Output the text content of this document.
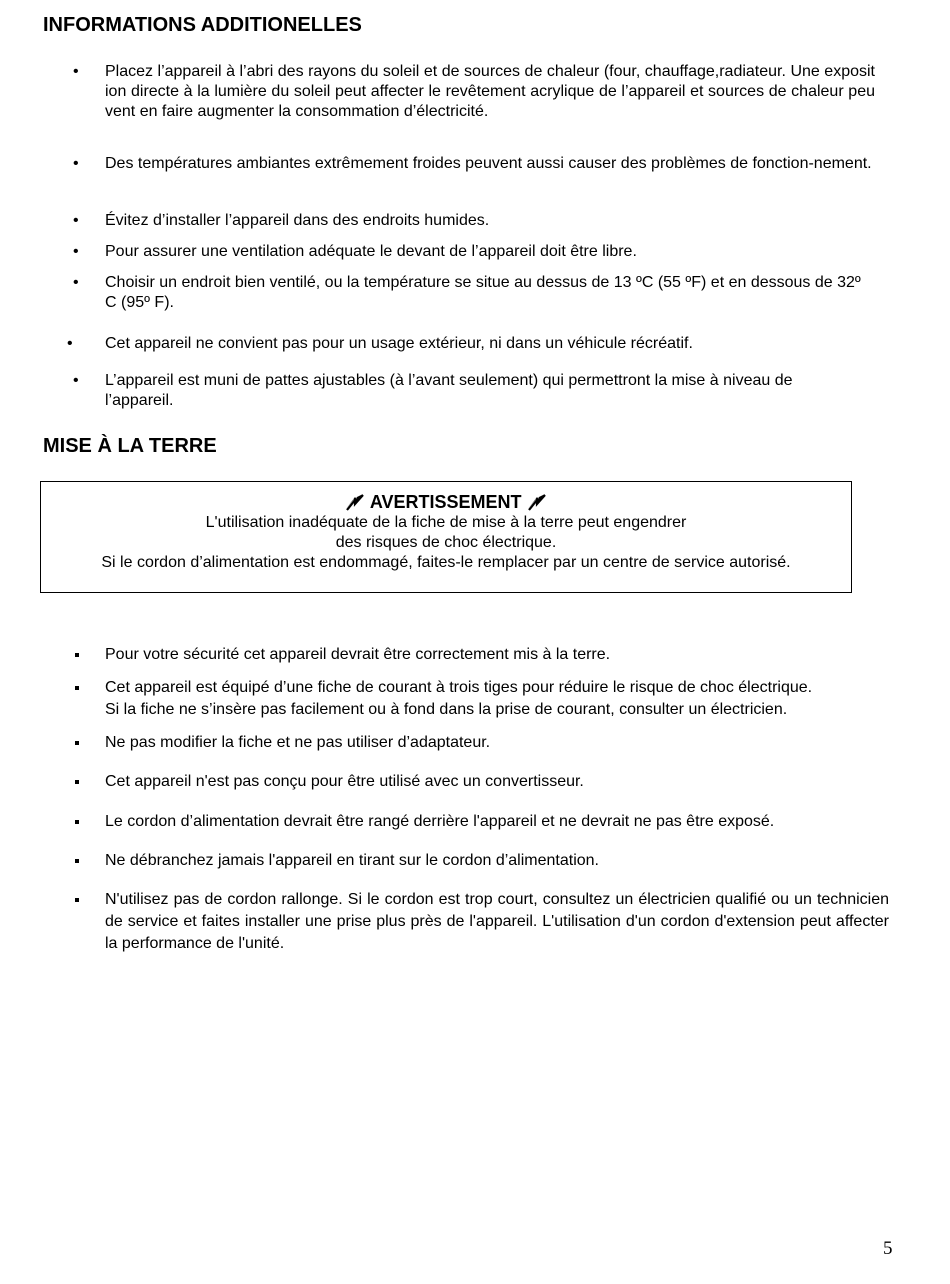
INFORMATIONS ADDITIONELLES
• Placez l’appareil à l’abri des rayons du soleil et de sources de chaleur (four, chauffage,radiateur. Une exposition directe à la lumière du soleil peut affecter le revêtement acrylique de l’appareil et sources de chaleur peuvent en faire augmenter la consommation d’électricité.

• Des températures ambiantes extrêmement froides peuvent aussi causer des problèmes de fonction-nement.

• Évitez d’installer l’appareil dans des endroits humides.

• Pour assurer une ventilation adéquate le devant de l’appareil doit être libre.

• Choisir un endroit bien ventilé, ou la température se situe au dessus de 13 ºC (55 ºF) et en dessous de 32º C (95º F).

• Cet appareil ne convient pas pour un usage extérieur, ni dans un véhicule récréatif.

• L’appareil est muni de pattes ajustables (à l’avant seulement) qui permettront la mise à niveau de l’appareil.

MISE À LA TERRE
AVERTISSEMENT
L'utilisation inadéquate de la fiche de mise à la terre peut engendrer
des risques de choc électrique.
Si le cordon d’alimentation est endommagé, faites-le remplacer par un centre de service autorisé.

Pour votre sécurité cet appareil devrait être correctement mis à la terre.

Cet appareil est équipé d’une fiche de courant à trois tiges pour réduire le risque de choc électrique.

Si la fiche ne s’insère pas facilement ou à fond dans la prise de courant, consulter un électricien.

Ne pas modifier la fiche et ne pas utiliser d’adaptateur.

Cet appareil n'est pas conçu pour être utilisé avec un convertisseur.

Le cordon d’alimentation devrait être rangé derrière l'appareil et ne devrait ne pas être exposé.

Ne débranchez jamais l'appareil en tirant sur le cordon d’alimentation.

N'utilisez pas de cordon rallonge. Si le cordon est trop court, consultez un électricien qualifié ou un technicien de service et faites installer une prise plus près de l'appareil. L'utilisation d'un cordon d'extension peut affecter la performance de l'unité.

5
